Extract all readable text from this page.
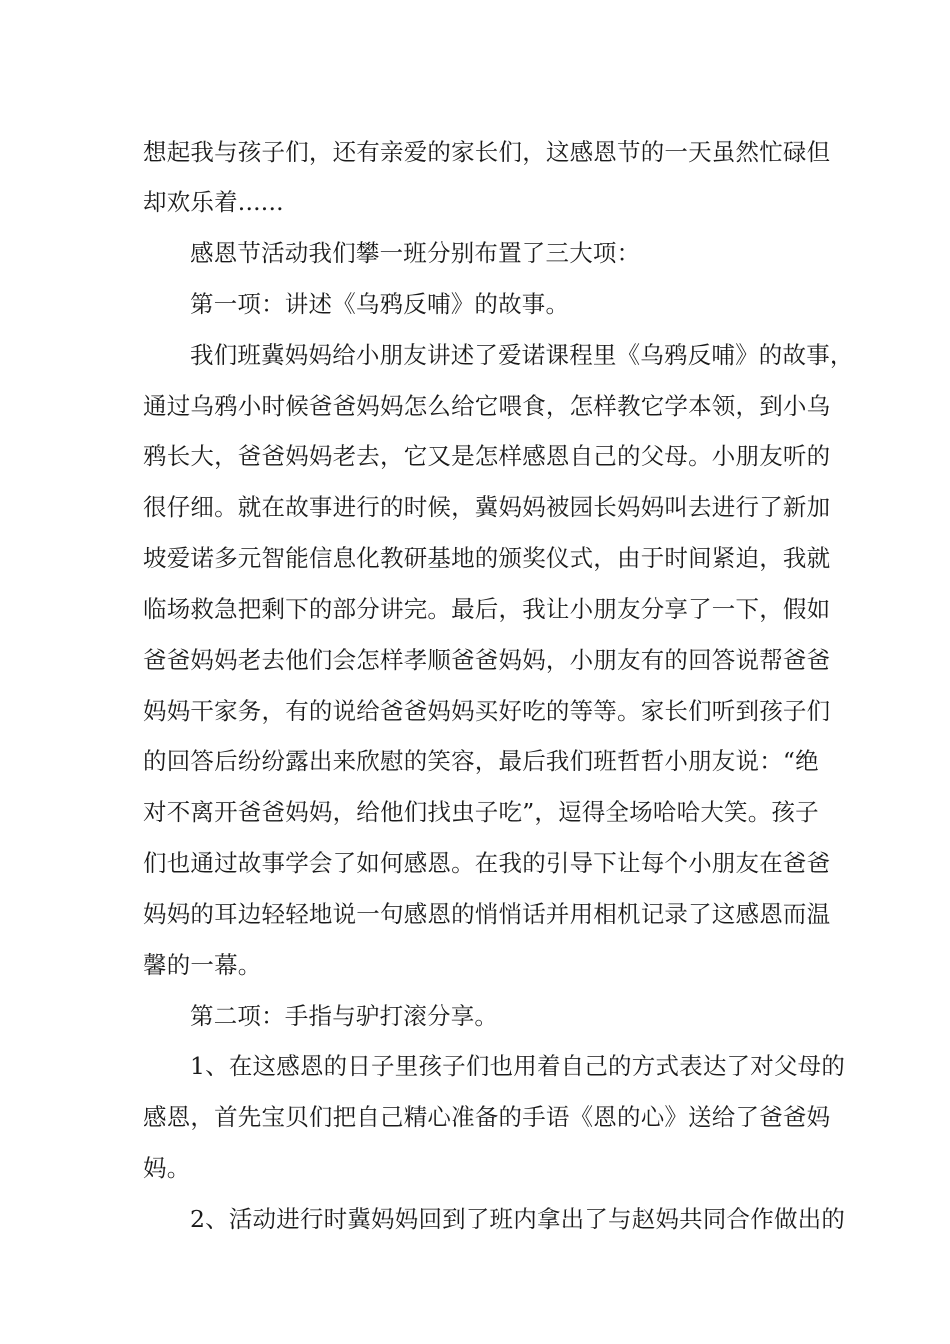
想起我与孩子们，还有亲爱的家长们，这感恩节的一天虽然忙碌但
却欢乐着......
感恩节活动我们攀一班分别布置了三大项：
第一项：讲述《乌鸦反哺》的故事。
我们班冀妈妈给小朋友讲述了爱诺课程里《乌鸦反哺》的故事，
通过乌鸦小时候爸爸妈妈怎么给它喂食，怎样教它学本领，到小乌
鸦长大，爸爸妈妈老去，它又是怎样感恩自己的父母。小朋友听的
很仔细。就在故事进行的时候，冀妈妈被园长妈妈叫去进行了新加
坡爱诺多元智能信息化教研基地的颁奖仪式，由于时间紧迫，我就
临场救急把剩下的部分讲完。最后，我让小朋友分享了一下，假如
爸爸妈妈老去他们会怎样孝顺爸爸妈妈，小朋友有的回答说帮爸爸
妈妈干家务，有的说给爸爸妈妈买好吃的等等。家长们听到孩子们
的回答后纷纷露出来欣慰的笑容，最后我们班哲哲小朋友说：“绝
对不离开爸爸妈妈，给他们找虫子吃”，逗得全场哈哈大笑。孩子
们也通过故事学会了如何感恩。在我的引导下让每个小朋友在爸爸
妈妈的耳边轻轻地说一句感恩的悄悄话并用相机记录了这感恩而温
馨的一幕。
第二项：手指与驴打滚分享。
1、在这感恩的日子里孩子们也用着自己的方式表达了对父母的
感恩，首先宝贝们把自己精心准备的手语《恩的心》送给了爸爸妈
妈。
2、活动进行时冀妈妈回到了班内拿出了与赵妈共同合作做出的
